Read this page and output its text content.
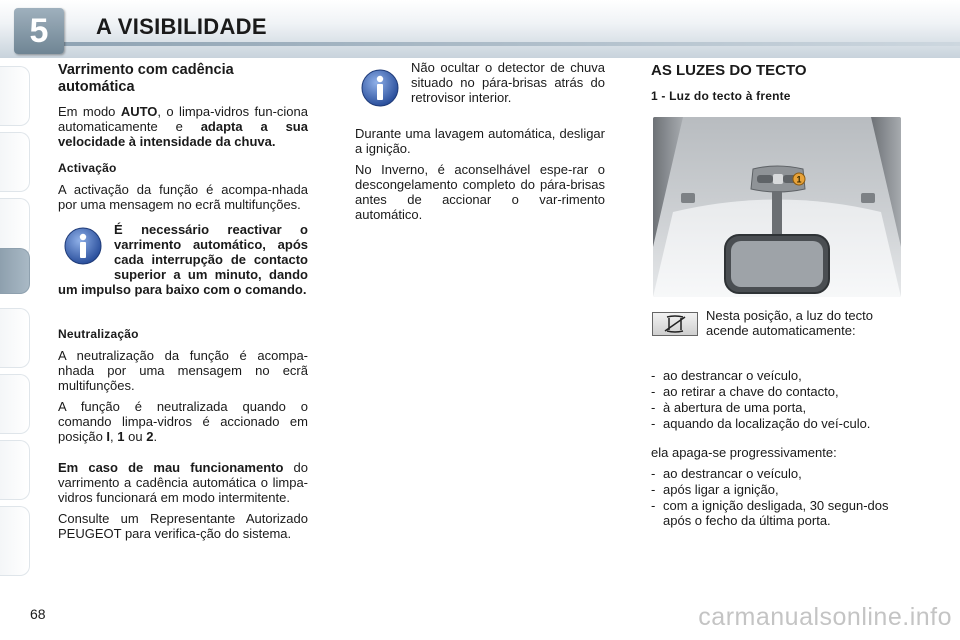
5	A VISIBILIDADE
Varrimento com cadência automática

Em modo AUTO, o limpa-vidros fun-ciona automaticamente e adapta a sua velocidade à intensidade da chuva.

Activação

A activação da função é acompa-nhada por uma mensagem no ecrã multifunções.

É necessário reactivar o varrimento automático, após cada interrupção de contacto superior a um minuto, dando um impulso para baixo com o comando.
Neutralização

A neutralização da função é acompa-nhada por uma mensagem no ecrã multifunções.

A função é neutralizada quando o comando limpa-vidros é accionado em posição I, 1 ou 2.

Em caso de mau funcionamento do varrimento a cadência automática o limpa-vidros funcionará em modo intermitente.

Consulte um Representante Autorizado PEUGEOT para verifica-ção do sistema.

Não ocultar o detector de chuva situado no pára-brisas atrás do retrovisor interior.

Durante uma lavagem automática, desligar a ignição.

No Inverno, é aconselhável espe-rar o descongelamento completo do pára-brisas antes de accionar o var-rimento automático.

AS LUZES DO TECTO
1 - Luz do tecto à frente
1
Nesta posição, a luz do tecto acende automaticamente:
- ao destrancar o veículo,
- ao retirar a chave do contacto,
- à abertura de uma porta,
- aquando da localização do veí-culo.

ela apaga-se progressivamente:

- ao destrancar o veículo,
- após ligar a ignição,
- com a ignição desligada, 30 segun-dos após o fecho da última porta.
68	carmanualsonline.info
